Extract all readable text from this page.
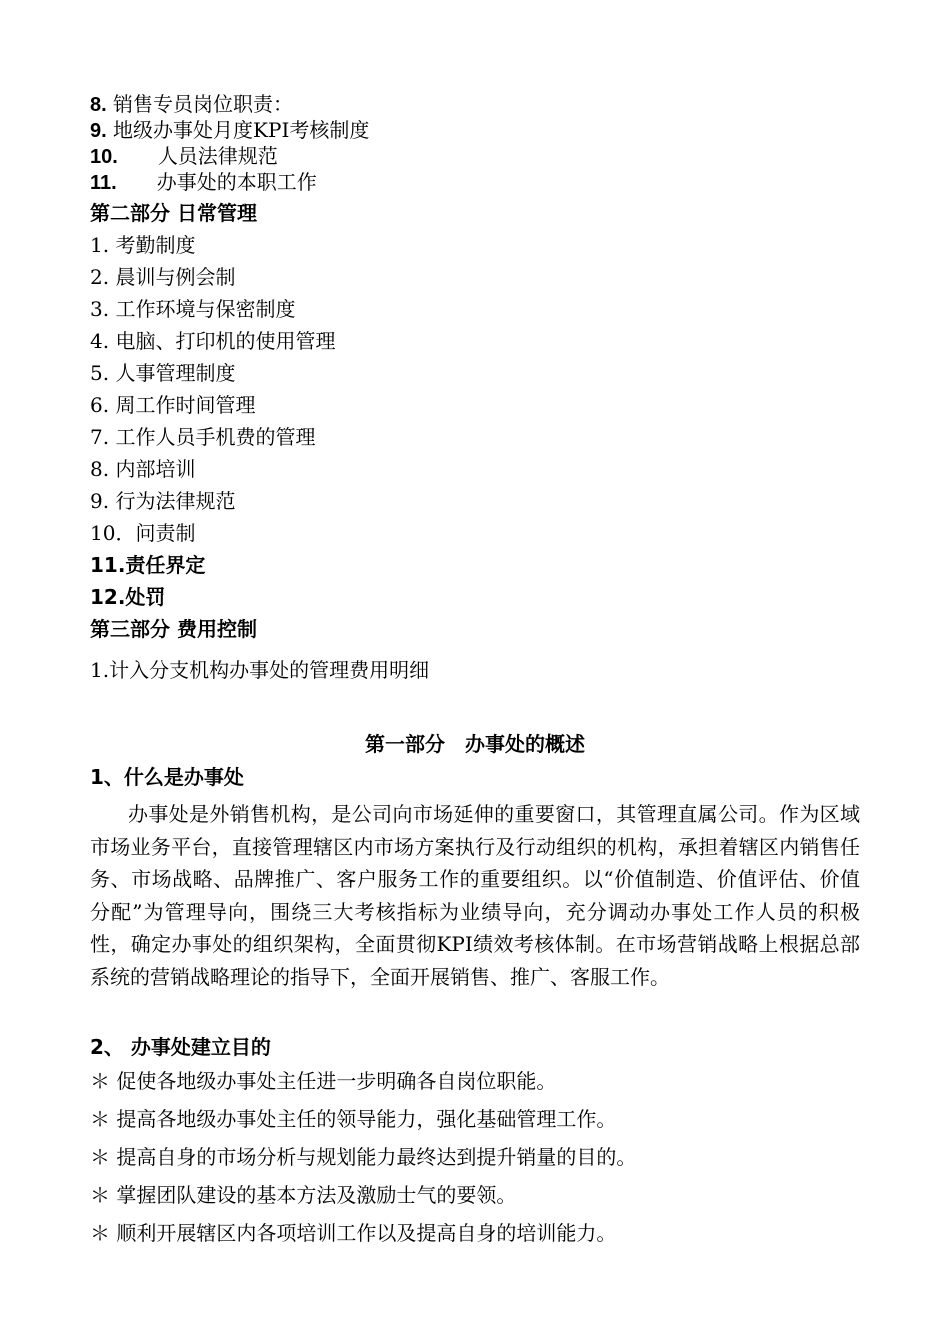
8. 销售专员岗位职责：
9. 地级办事处月度KPI考核制度
10. 人员法律规范
11. 办事处的本职工作
第二部分 日常管理
1. 考勤制度
2. 晨训与例会制
3. 工作环境与保密制度
4. 电脑、打印机的使用管理
5. 人事管理制度
6. 周工作时间管理
7. 工作人员手机费的管理
8. 内部培训
9. 行为法律规范
10．问责制
11.责任界定
12.处罚
第三部分 费用控制
1.计入分支机构办事处的管理费用明细
第一部分　办事处的概述
1、什么是办事处
办事处是外销售机构，是公司向市场延伸的重要窗口，其管理直属公司。作为区域市场业务平台，直接管理辖区内市场方案执行及行动组织的机构，承担着辖区内销售任务、市场战略、品牌推广、客户服务工作的重要组织。以“价值制造、价值评估、价值分配”为管理导向，围绕三大考核指标为业绩导向，充分调动办事处工作人员的积极性，确定办事处的组织架构，全面贯彻KPI绩效考核体制。在市场营销战略上根据总部系统的营销战略理论的指导下，全面开展销售、推广、客服工作。
2、 办事处建立目的
＊ 促使各地级办事处主任进一步明确各自岗位职能。
＊ 提高各地级办事处主任的领导能力，强化基础管理工作。
＊ 提高自身的市场分析与规划能力最终达到提升销量的目的。
＊ 掌握团队建设的基本方法及激励士气的要领。
＊ 顺利开展辖区内各项培训工作以及提高自身的培训能力。
